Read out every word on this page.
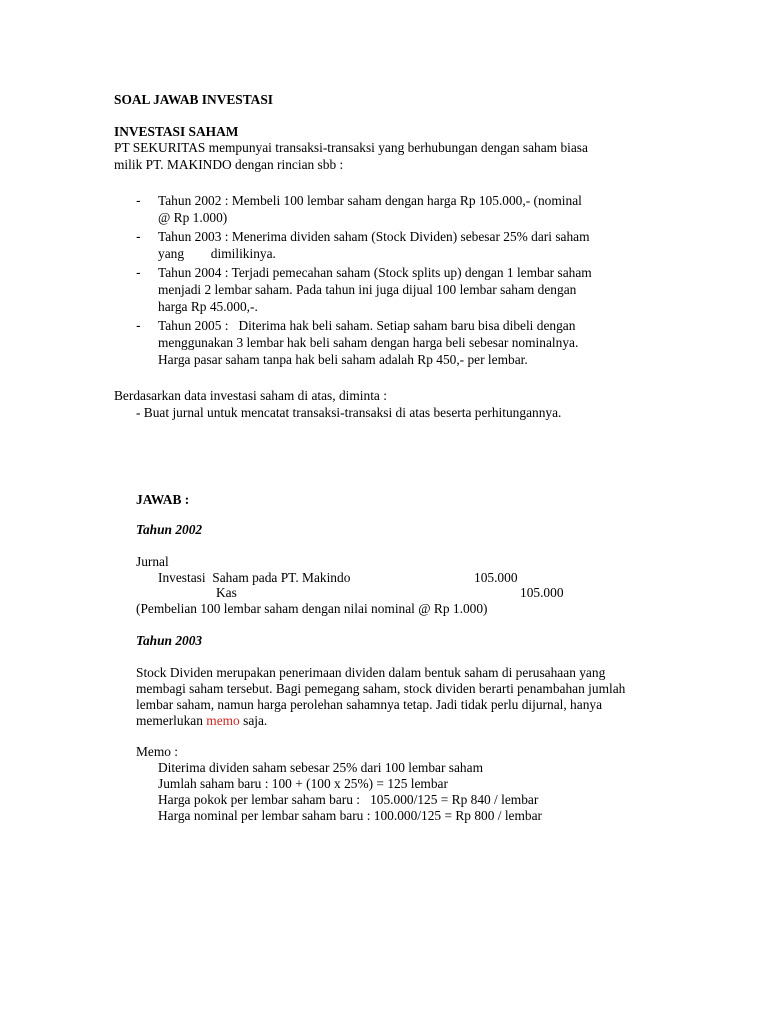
SOAL JAWAB INVESTASI
INVESTASI SAHAM
PT SEKURITAS mempunyai transaksi-transaksi yang berhubungan dengan saham biasa
milik PT. MAKINDO dengan rincian sbb :
- Tahun 2002 : Membeli 100 lembar saham dengan harga Rp 105.000,- (nominal
@ Rp 1.000)
- Tahun 2003 : Menerima dividen saham (Stock Dividen) sebesar 25% dari saham
yang        dimilikinya.
- Tahun 2004 : Terjadi pemecahan saham (Stock splits up) dengan 1 lembar saham
menjadi 2 lembar saham. Pada tahun ini juga dijual 100 lembar saham dengan
harga Rp 45.000,-.
- Tahun 2005 :   Diterima hak beli saham. Setiap saham baru bisa dibeli dengan
menggunakan 3 lembar hak beli saham dengan harga beli sebesar nominalnya.
Harga pasar saham tanpa hak beli saham adalah Rp 450,- per lembar.
Berdasarkan data investasi saham di atas, diminta :
- Buat jurnal untuk mencatat transaksi-transaksi di atas beserta perhitungannya.
JAWAB :
Tahun 2002
Jurnal
Investasi  Saham pada PT. Makindo	105.000
Kas	105.000
(Pembelian 100 lembar saham dengan nilai nominal @ Rp 1.000)
Tahun 2003
Stock Dividen merupakan penerimaan dividen dalam bentuk saham di perusahaan yang
membagi saham tersebut. Bagi pemegang saham, stock dividen berarti penambahan jumlah
lembar saham, namun harga perolehan sahamnya tetap. Jadi tidak perlu dijurnal, hanya
memerlukan memo saja.
Memo :
Diterima dividen saham sebesar 25% dari 100 lembar saham
Jumlah saham baru : 100 + (100 x 25%) = 125 lembar
Harga pokok per lembar saham baru :   105.000/125 = Rp 840 / lembar
Harga nominal per lembar saham baru : 100.000/125 = Rp 800 / lembar
